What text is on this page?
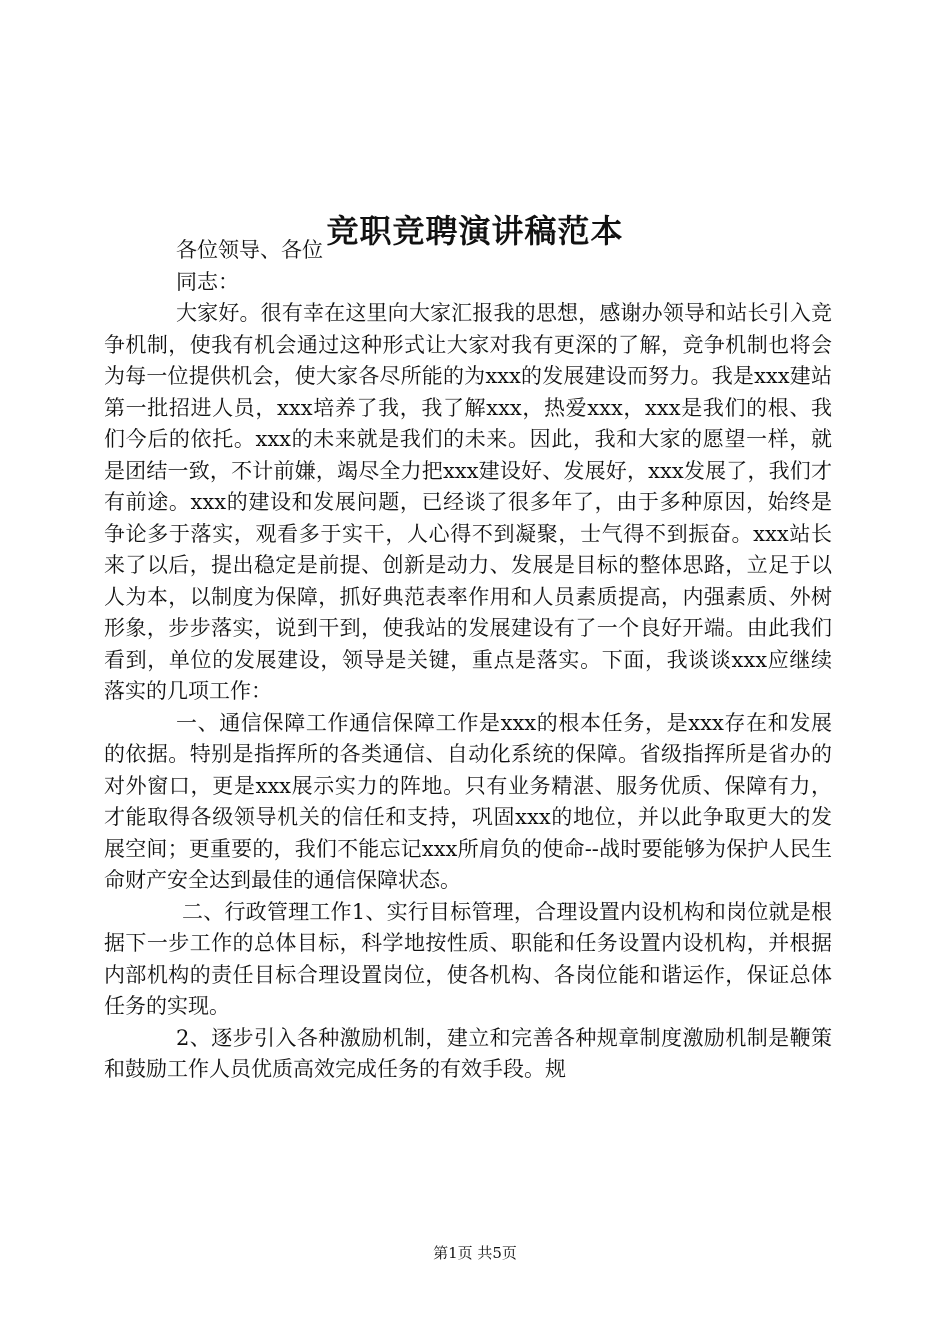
竞职竞聘演讲稿范本

各位领导、各位

同志：

大家好。很有幸在这里向大家汇报我的思想，感谢办领导和站长引入竞争机制，使我有机会通过这种形式让大家对我有更深的了解，竞争机制也将会为每一位提供机会，使大家各尽所能的为xxx的发展建设而努力。我是xxx建站第一批招进人员，xxx培养了我，我了解xxx，热爱xxx，xxx是我们的根、我们今后的依托。xxx的未来就是我们的未来。因此，我和大家的愿望一样，就是团结一致，不计前嫌，竭尽全力把xxx建设好、发展好，xxx发展了，我们才有前途。xxx的建设和发展问题，已经谈了很多年了，由于多种原因，始终是争论多于落实，观看多于实干，人心得不到凝聚，士气得不到振奋。xxx站长来了以后，提出稳定是前提、创新是动力、发展是目标的整体思路，立足于以人为本，以制度为保障，抓好典范表率作用和人员素质提高，内强素质、外树形象，步步落实，说到干到，使我站的发展建设有了一个良好开端。由此我们看到，单位的发展建设，领导是关键，重点是落实。下面，我谈谈xxx应继续落实的几项工作：

一、通信保障工作通信保障工作是xxx的根本任务，是xxx存在和发展的依据。特别是指挥所的各类通信、自动化系统的保障。省级指挥所是省办的对外窗口，更是xxx展示实力的阵地。只有业务精湛、服务优质、保障有力，才能取得各级领导机关的信任和支持，巩固xxx的地位，并以此争取更大的发展空间；更重要的，我们不能忘记xxx所肩负的使命--战时要能够为保护人民生命财产安全达到最佳的通信保障状态。

二、行政管理工作1、实行目标管理，合理设置内设机构和岗位就是根据下一步工作的总体目标，科学地按性质、职能和任务设置内设机构，并根据内部机构的责任目标合理设置岗位，使各机构、各岗位能和谐运作，保证总体任务的实现。

2、逐步引入各种激励机制，建立和完善各种规章制度激励机制是鞭策和鼓励工作人员优质高效完成任务的有效手段。规

第1页 共5页
